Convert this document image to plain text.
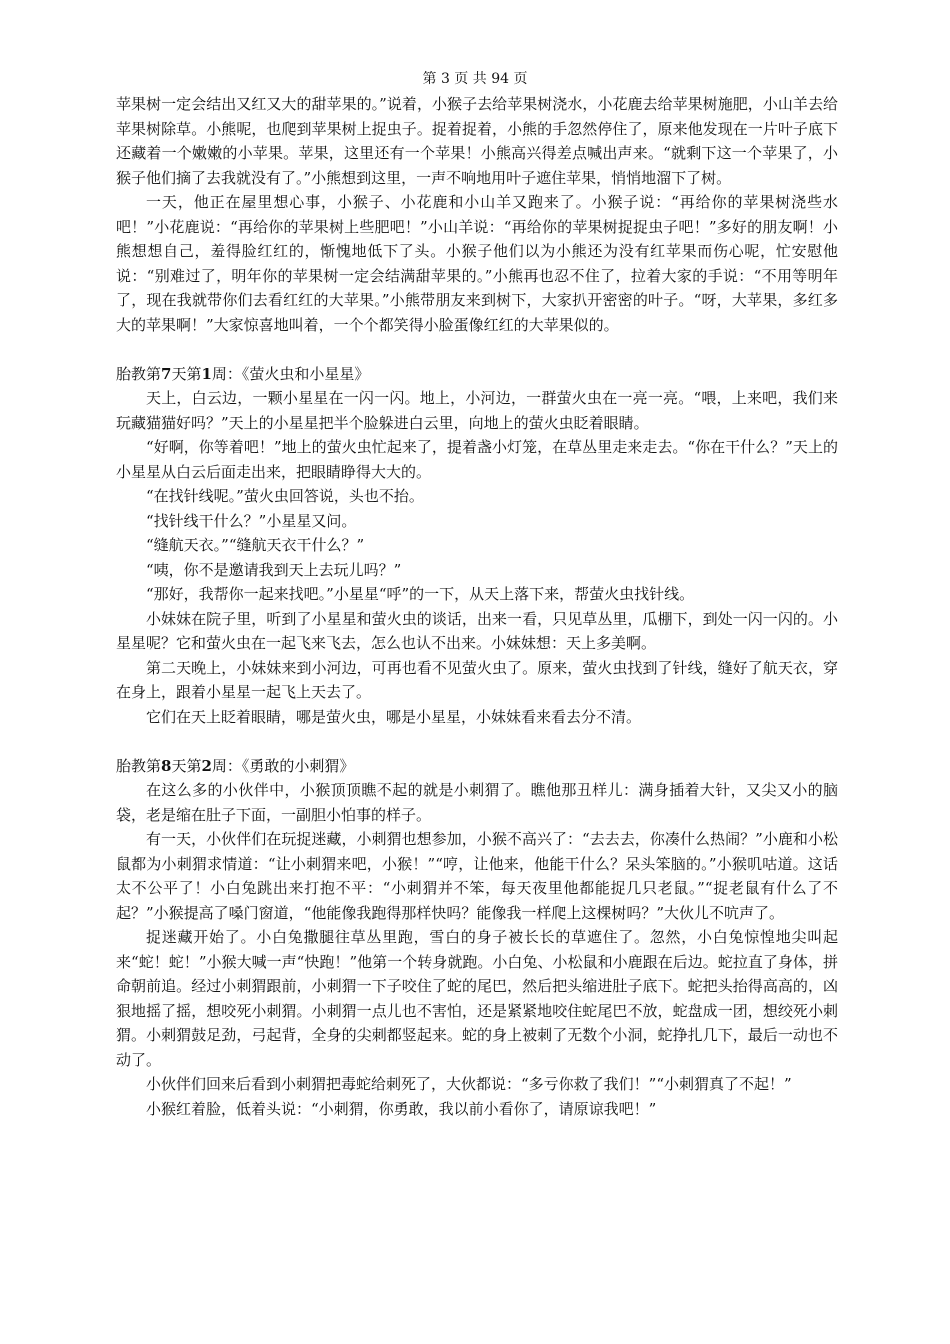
第 3 页 共 94 页

苹果树一定会结出又红又大的甜苹果的。”说着，小猴子去给苹果树浇水，小花鹿去给苹果树施肥，小山羊去给苹果树除草。小熊呢，也爬到苹果树上捉虫子。捉着捉着，小熊的手忽然停住了，原来他发现在一片叶子底下还藏着一个嫩嫩的小苹果。苹果，这里还有一个苹果！小熊高兴得差点喊出声来。“就剩下这一个苹果了，小猴子他们摘了去我就没有了。”小熊想到这里，一声不响地用叶子遮住苹果，悄悄地溜下了树。

一天，他正在屋里想心事，小猴子、小花鹿和小山羊又跑来了。小猴子说：“再给你的苹果树浇些水吧！”小花鹿说：“再给你的苹果树上些肥吧！”小山羊说：“再给你的苹果树捉捉虫子吧！”多好的朋友啊！小熊想想自己，羞得脸红红的，惭愧地低下了头。小猴子他们以为小熊还为没有红苹果而伤心呢，忙安慰他说：“别难过了，明年你的苹果树一定会结满甜苹果的。”小熊再也忍不住了，拉着大家的手说：“不用等明年了，现在我就带你们去看红红的大苹果。”小熊带朋友来到树下，大家扒开密密的叶子。“呀，大苹果，多红多大的苹果啊！”大家惊喜地叫着，一个个都笑得小脸蛋像红红的大苹果似的。

胎教第7天第1周：《萤火虫和小星星》

天上，白云边，一颗小星星在一闪一闪。地上，小河边，一群萤火虫在一亮一亮。“喂，上来吧，我们来玩藏猫猫好吗？”天上的小星星把半个脸躲进白云里，向地上的萤火虫眨着眼睛。

“好啊，你等着吧！”地上的萤火虫忙起来了，提着盏小灯笼，在草丛里走来走去。“你在干什么？”天上的小星星从白云后面走出来，把眼睛睁得大大的。

“在找针线呢。”萤火虫回答说，头也不抬。

“找针线干什么？”小星星又问。

“缝航天衣。”“缝航天衣干什么？”

“咦，你不是邀请我到天上去玩儿吗？”

“那好，我帮你一起来找吧。”小星星“呼”的一下，从天上落下来，帮萤火虫找针线。

小妹妹在院子里，听到了小星星和萤火虫的谈话，出来一看，只见草丛里，瓜棚下，到处一闪一闪的。小星星呢？它和萤火虫在一起飞来飞去，怎么也认不出来。小妹妹想：天上多美啊。

第二天晚上，小妹妹来到小河边，可再也看不见萤火虫了。原来，萤火虫找到了针线，缝好了航天衣，穿在身上，跟着小星星一起飞上天去了。

它们在天上眨着眼睛，哪是萤火虫，哪是小星星，小妹妹看来看去分不清。

胎教第8天第2周：《勇敢的小刺猬》

在这么多的小伙伴中，小猴顶顶瞧不起的就是小刺猬了。瞧他那丑样儿：满身插着大针，又尖又小的脑袋，老是缩在肚子下面，一副胆小怕事的样子。

有一天，小伙伴们在玩捉迷藏，小刺猬也想参加，小猴不高兴了：“去去去，你凑什么热闹？”小鹿和小松鼠都为小刺猬求情道：“让小刺猬来吧，小猴！”“哼，让他来，他能干什么？呆头笨脑的。”小猴叽咕道。这话太不公平了！小白兔跳出来打抱不平：“小刺猬并不笨，每天夜里他都能捉几只老鼠。”“捉老鼠有什么了不起？”小猴提高了嗓门窗道，“他能像我跑得那样快吗？能像我一样爬上这棵树吗？”大伙儿不吭声了。

捉迷藏开始了。小白兔撒腿往草丛里跑，雪白的身子被长长的草遮住了。忽然，小白兔惊惶地尖叫起来“蛇！蛇！”小猴大喊一声“快跑！”他第一个转身就跑。小白兔、小松鼠和小鹿跟在后边。蛇拉直了身体，拼命朝前追。经过小刺猬跟前，小刺猬一下子咬住了蛇的尾巴，然后把头缩进肚子底下。蛇把头抬得高高的，凶狠地摇了摇，想咬死小刺猬。小刺猬一点儿也不害怕，还是紧紧地咬住蛇尾巴不放，蛇盘成一团，想绞死小刺猬。小刺猬鼓足劲，弓起背，全身的尖刺都竖起来。蛇的身上被刺了无数个小洞，蛇挣扎几下，最后一动也不动了。

小伙伴们回来后看到小刺猬把毒蛇给刺死了，大伙都说：“多亏你救了我们！”“小刺猬真了不起！”

小猴红着脸，低着头说：“小刺猬，你勇敢，我以前小看你了，请原谅我吧！”
